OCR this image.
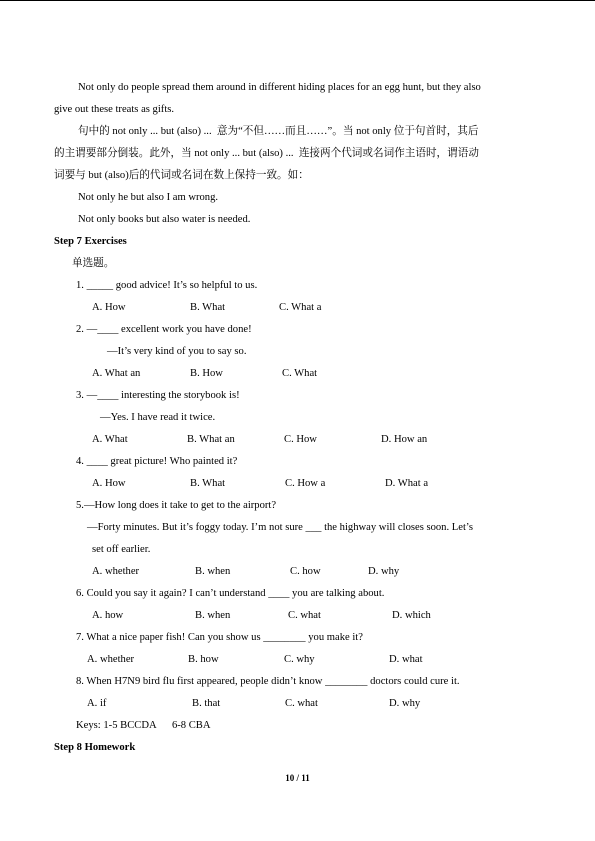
Not only do people spread them around in different hiding places for an egg hunt, but they also
give out these treats as gifts.
句中的 not only ... but (also) ...  意为“不但……而且……”。当 not only 位于句首时，其后
的主谓要部分倒装。此外，当 not only ... but (also) ...  连接两个代词或名词作主语时，谓语动
词要与 but (also)后的代词或名词在数上保持一致。如：
Not only he but also I am wrong.
Not only books but also water is needed.
Step 7 Exercises
单选题。
1. _____ good advice! It’s so helpful to us.
A. How	B. What	C. What a
2. —____ excellent work you have done!
—It’s very kind of you to say so.
A. What an	B. How	C. What
3. —____ interesting the storybook is!
—Yes. I have read it twice.
A. What	B. What an	C. How	D. How an
4. ____ great picture! Who painted it?
A. How	B. What	C. How a	D. What a
5.—How long does it take to get to the airport?
—Forty minutes. But it’s foggy today. I’m not sure ___ the highway will closes soon. Let’s
set off earlier.
A. whether	B. when	C. how	D. why
6. Could you say it again? I can’t understand ____ you are talking about.
A. how	B. when	C. what	D. which
7. What a nice paper fish! Can you show us ________ you make it?
A. whether	B. how	C. why	D. what
8. When H7N9 bird flu first appeared, people didn’t know ________ doctors could cure it.
A. if	B. that	C. what	D. why
Keys: 1-5 BCCDA      6-8 CBA
Step 8 Homework
10 / 11
